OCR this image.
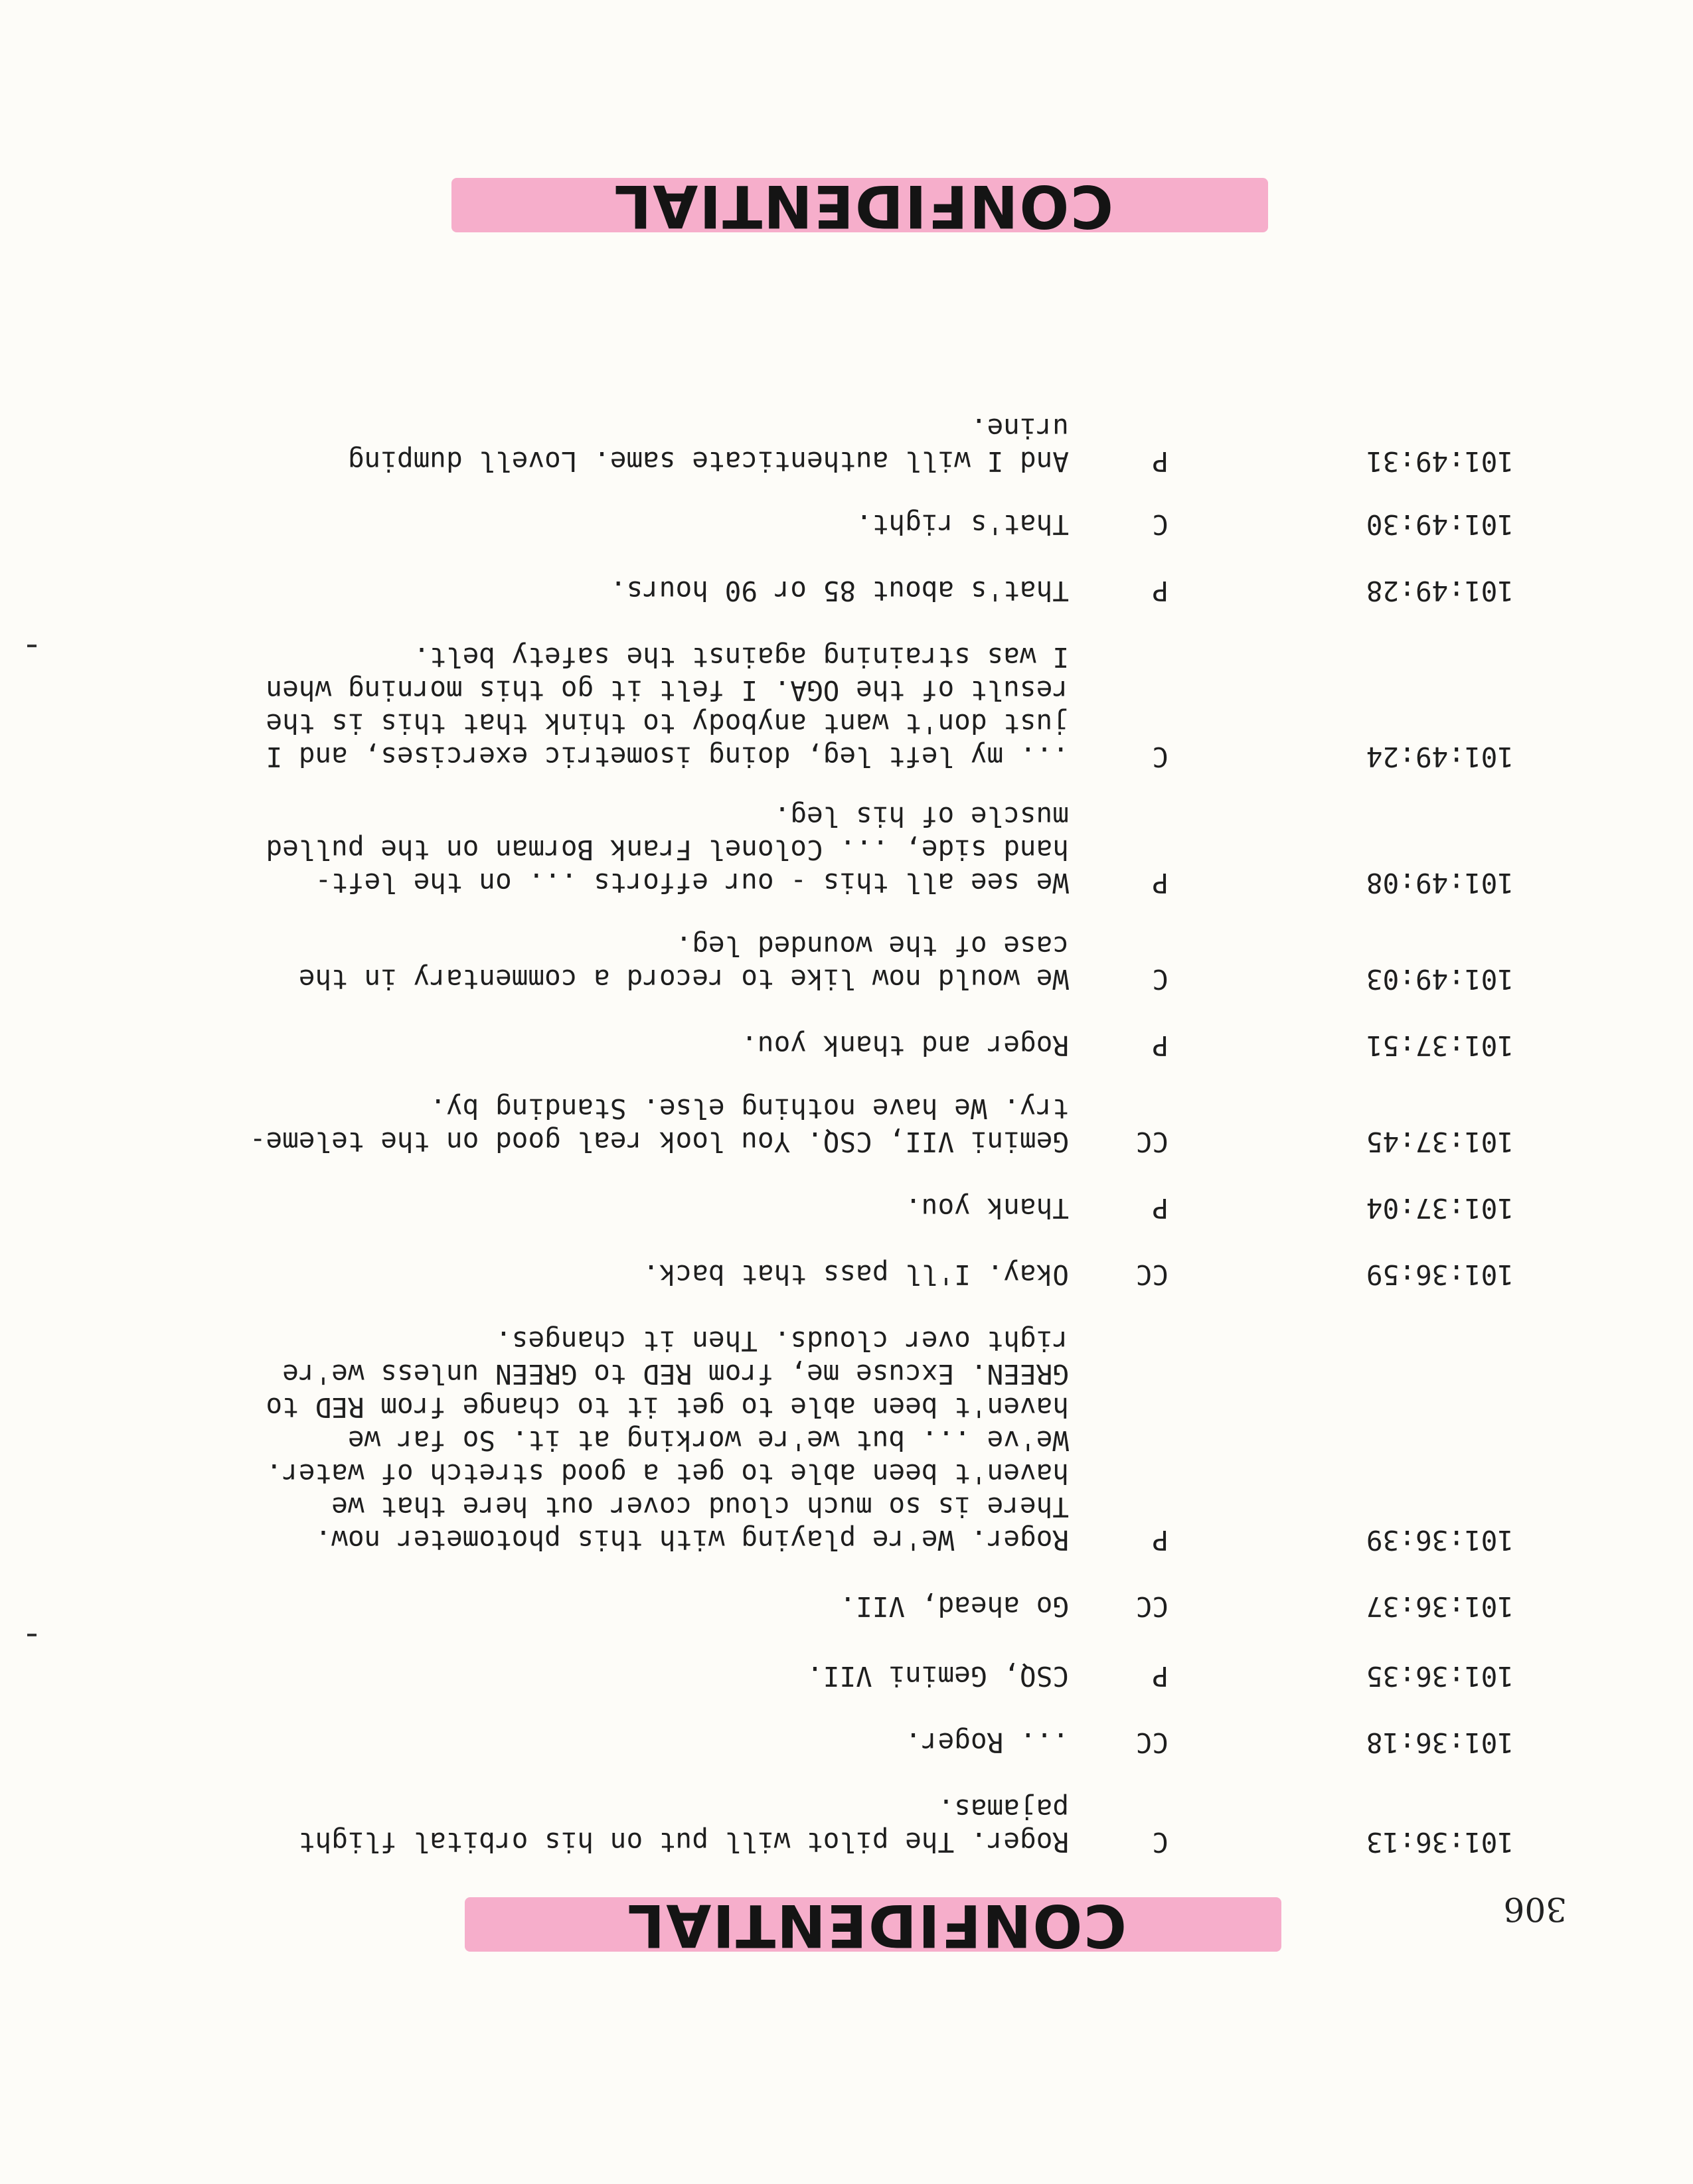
306
CONFIDENTIAL
101:36:13
C
Roger. The pilot will put on his orbital flight
pajamas.
101:36:18
CC
... Roger.
101:36:35
P
CSQ, Gemini VII.
101:36:37
CC
Go ahead, VII.
101:36:39
P
Roger. We're playing with this photometer now.
There is so much cloud cover out here that we
haven't been able to get a good stretch of water.
We've ... but we're working at it. So far we
haven't been able to get it to change from RED to
GREEN. Excuse me, from RED to GREEN unless we're
right over clouds. Then it changes.
101:36:59
CC
Okay. I'll pass that back.
101:37:04
P
Thank you.
101:37:45
CC
Gemini VII, CSQ. You look real good on the teleme-
try. We have nothing else. Standing by.
101:37:51
P
Roger and thank you.
101:49:03
C
We would now like to record a commentary in the
case of the wounded leg.
101:49:08
P
We see all this - our efforts ... on the left-
hand side, ... Colonel Frank Borman on the pulled
muscle of his leg.
101:49:24
C
... my left leg, doing isometric exercises, and I
just don't want anybody to think that this is the
result of the OGA. I felt it go this morning when
I was straining against the safety belt.
101:49:28
P
That's about 85 or 90 hours.
101:49:30
C
That's right.
101:49:31
P
And I will authenticate same. Lovell dumping
urine.
CONFIDENTIAL
